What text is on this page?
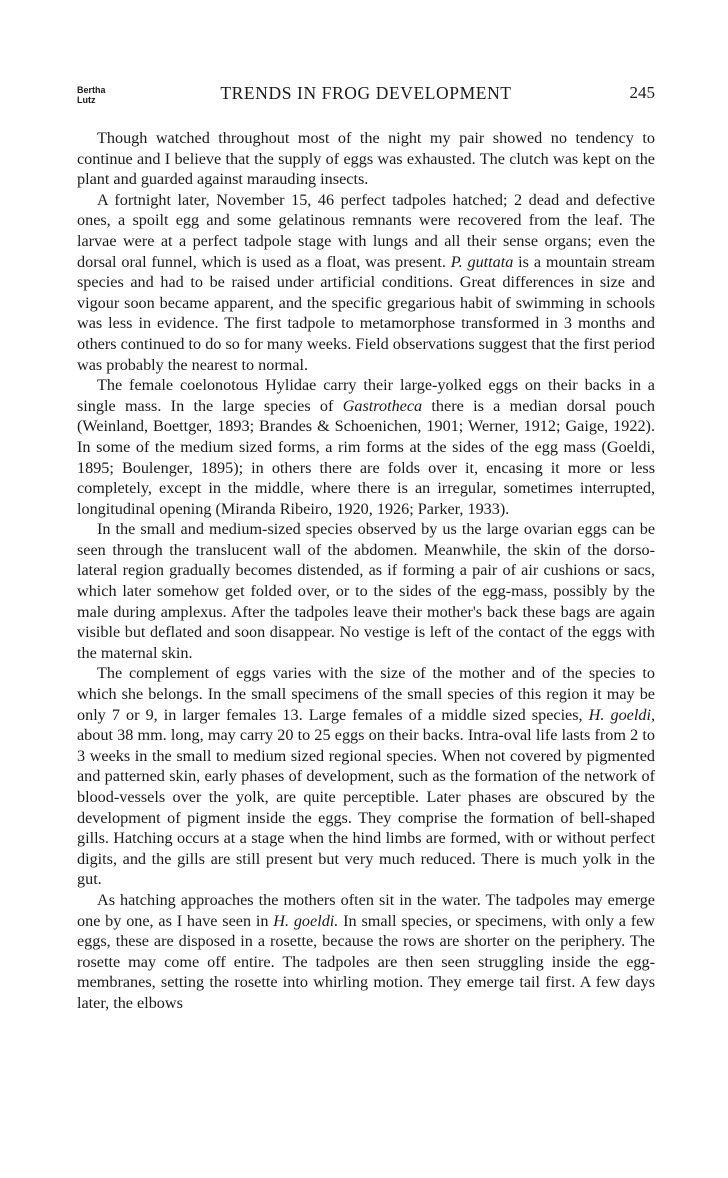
Bertha
Lutz	TRENDS IN FROG DEVELOPMENT	245

Though watched throughout most of the night my pair showed no tendency to continue and I believe that the supply of eggs was exhausted. The clutch was kept on the plant and guarded against marauding insects.

A fortnight later, November 15, 46 perfect tadpoles hatched; 2 dead and defective ones, a spoilt egg and some gelatinous remnants were recovered from the leaf. The larvae were at a perfect tadpole stage with lungs and all their sense organs; even the dorsal oral funnel, which is used as a float, was present. P. guttata is a mountain stream species and had to be raised under artificial conditions. Great differences in size and vigour soon became apparent, and the specific gregarious habit of swimming in schools was less in evidence. The first tadpole to metamorphose transformed in 3 months and others continued to do so for many weeks. Field observations suggest that the first period was probably the nearest to normal.

The female coelonotous Hylidae carry their large-yolked eggs on their backs in a single mass. In the large species of Gastrotheca there is a median dorsal pouch (Weinland, Boettger, 1893; Brandes & Schoenichen, 1901; Werner, 1912; Gaige, 1922). In some of the medium sized forms, a rim forms at the sides of the egg mass (Goeldi, 1895; Boulenger, 1895); in others there are folds over it, encasing it more or less completely, except in the middle, where there is an irregular, sometimes interrupted, longitudinal opening (Miranda Ribeiro, 1920, 1926; Parker, 1933).

In the small and medium-sized species observed by us the large ovarian eggs can be seen through the translucent wall of the abdomen. Meanwhile, the skin of the dorso-lateral region gradually becomes distended, as if forming a pair of air cushions or sacs, which later somehow get folded over, or to the sides of the egg-mass, possibly by the male during amplexus. After the tadpoles leave their mother's back these bags are again visible but deflated and soon disappear. No vestige is left of the contact of the eggs with the maternal skin.

The complement of eggs varies with the size of the mother and of the species to which she belongs. In the small specimens of the small species of this region it may be only 7 or 9, in larger females 13. Large females of a middle sized species, H. goeldi, about 38 mm. long, may carry 20 to 25 eggs on their backs. Intra-oval life lasts from 2 to 3 weeks in the small to medium sized regional species. When not covered by pigmented and patterned skin, early phases of development, such as the formation of the network of blood-vessels over the yolk, are quite perceptible. Later phases are obscured by the development of pigment inside the eggs. They comprise the formation of bell-shaped gills. Hatching occurs at a stage when the hind limbs are formed, with or without perfect digits, and the gills are still present but very much reduced. There is much yolk in the gut.

As hatching approaches the mothers often sit in the water. The tadpoles may emerge one by one, as I have seen in H. goeldi. In small species, or specimens, with only a few eggs, these are disposed in a rosette, because the rows are shorter on the periphery. The rosette may come off entire. The tadpoles are then seen struggling inside the egg-membranes, setting the rosette into whirling motion. They emerge tail first. A few days later, the elbows
